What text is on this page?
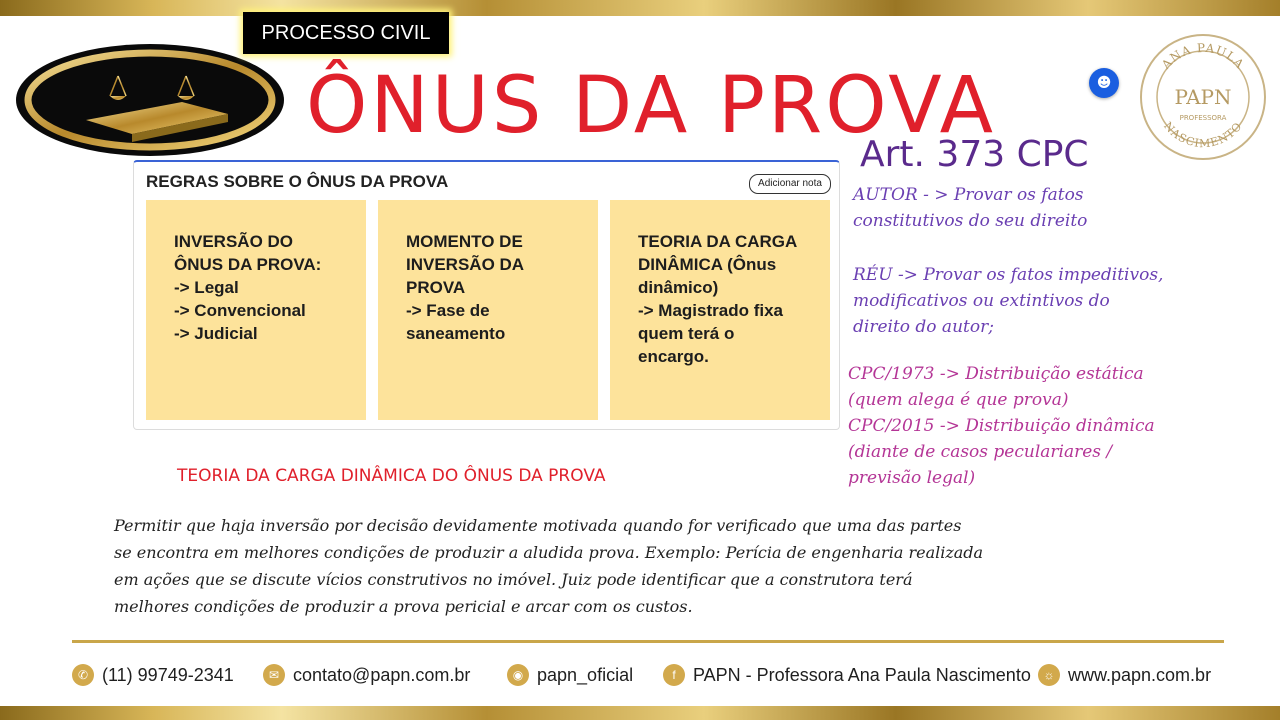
PROCESSO CIVIL
ÔNUS DA PROVA	☻
ANA PAULA
NASCIMENTO
PAPN
PROFESSORA
REGRAS SOBRE O ÔNUS DA PROVA	Adicionar nota
INVERSÃO DO
ÔNUS DA PROVA:
-> Legal
-> Convencional
-> Judicial
MOMENTO DE
INVERSÃO DA
PROVA
-> Fase de
saneamento
TEORIA DA CARGA
DINÂMICA (Ônus
dinâmico)
-> Magistrado fixa
quem terá o
encargo.
Art. 373 CPC
AUTOR - > Provar os fatos
constitutivos do seu direito
RÉU -> Provar os fatos impeditivos,
modificativos ou extintivos do
direito do autor;
CPC/1973 -> Distribuição estática
(quem alega é que prova)
CPC/2015 -> Distribuição dinâmica
(diante de casos pecularіares /
previsão legal)
TEORIA DA CARGA DINÂMICA DO ÔNUS DA PROVA
Permitir que haja inversão por decisão devidamente motivada quando for verificado que uma das partes
se encontra em melhores condições de produzir a aludida prova. Exemplo: Perícia de engenharia realizada
em ações que se discute vícios construtivos no imóvel. Juiz pode identificar que a construtora terá
melhores condições de produzir a prova pericial e arcar com os custos.
✆ (11) 99749-2341	✉ contato@papn.com.br	◉ papn_oficial	f PAPN - Professora Ana Paula Nascimento	☼ www.papn.com.br
